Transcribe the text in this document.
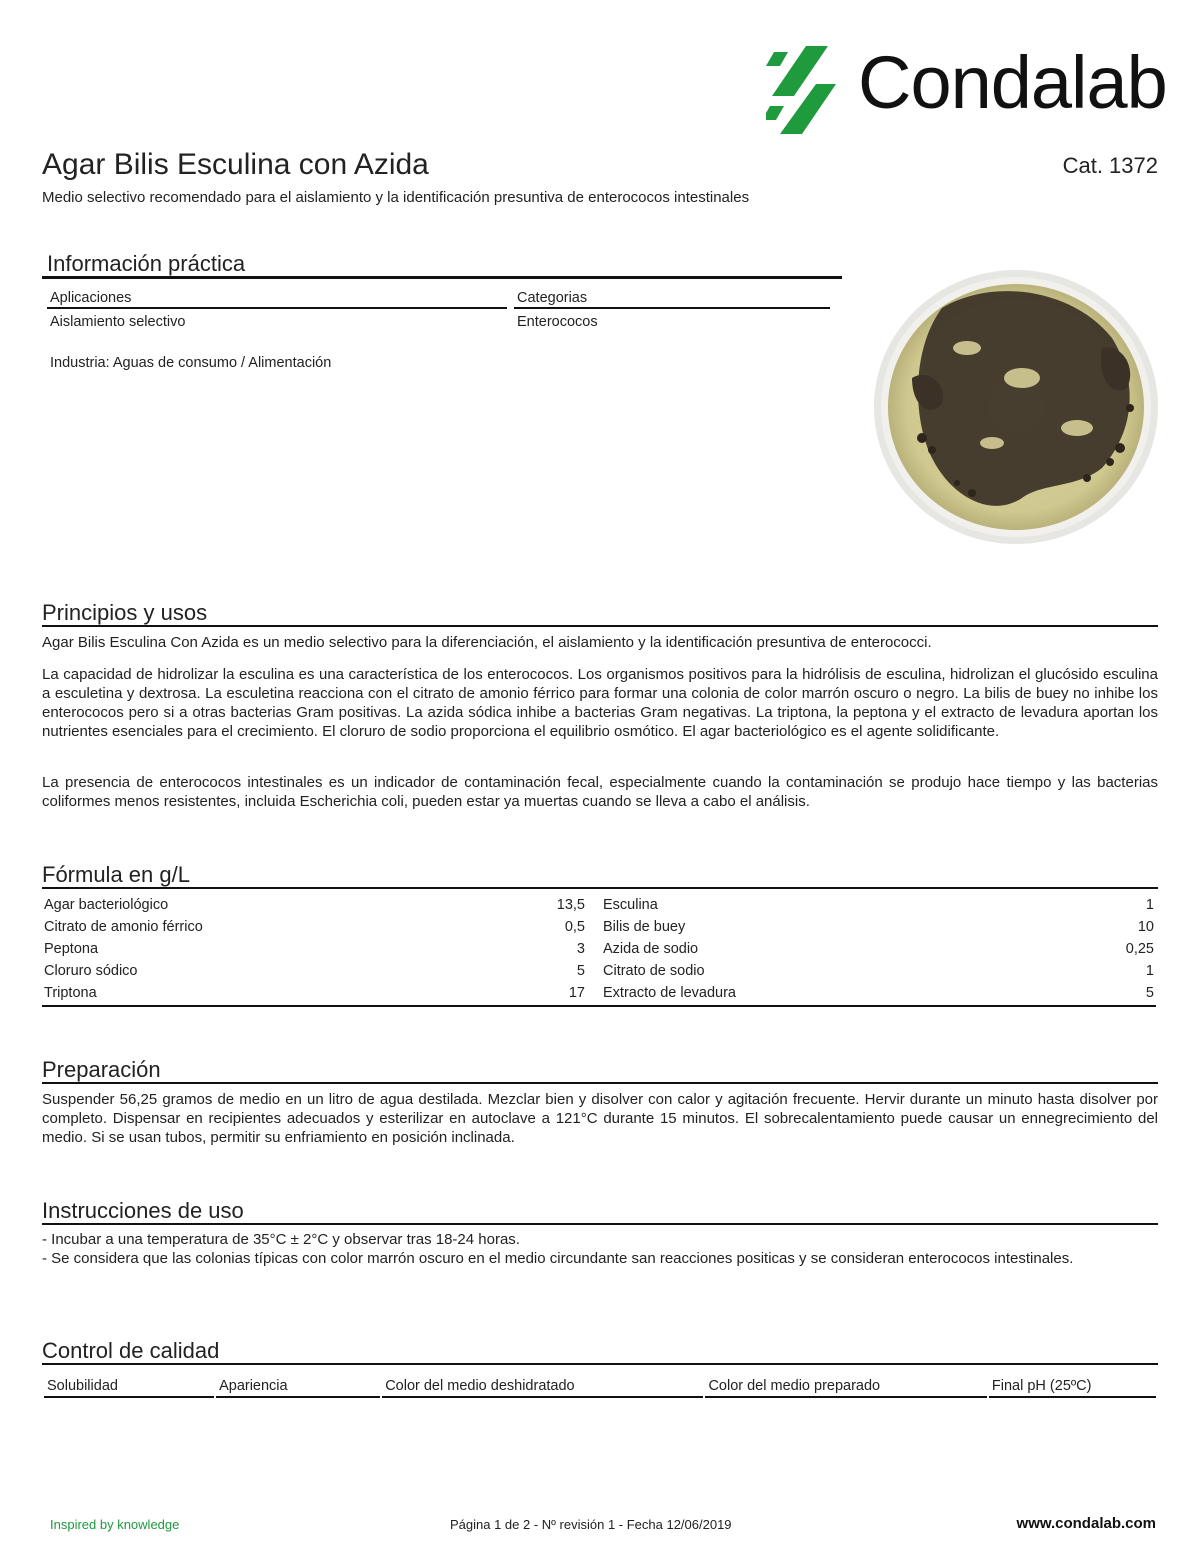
Condalab
Agar Bilis Esculina con Azida	Cat. 1372
Medio selectivo recomendado para el aislamiento y la identificación presuntiva de enterococos intestinales
Información práctica
Aplicaciones	Categorias
Aislamiento selectivo	Enterococos
Industria: Aguas de consumo / Alimentación
Principios y usos
Agar Bilis Esculina Con Azida es un medio selectivo para la diferenciación, el aislamiento y la identificación presuntiva de enterococci.
La capacidad de hidrolizar la esculina es una característica de los enterococos. Los organismos positivos para la hidrólisis de esculina, hidrolizan el glucósido esculina a esculetina y dextrosa. La esculetina reacciona con el citrato de amonio férrico para formar una colonia de color marrón oscuro o negro. La bilis de buey no inhibe los enterococos pero si a otras bacterias Gram positivas. La azida sódica inhibe a bacterias Gram negativas. La triptona, la peptona y el extracto de levadura aportan los nutrientes esenciales para el crecimiento. El cloruro de sodio proporciona el equilibrio osmótico. El agar bacteriológico es el agente solidificante.
La presencia de enterococos intestinales es un indicador de contaminación fecal, especialmente cuando la contaminación se produjo hace tiempo y las bacterias coliformes menos resistentes, incluida Escherichia coli, pueden estar ya muertas cuando se lleva a cabo el análisis.
Fórmula en g/L
Agar bacteriológico	13,5		Esculina	1
Citrato de amonio férrico	0,5		Bilis de buey	10
Peptona	3		Azida de sodio	0,25
Cloruro sódico	5		Citrato de sodio	1
Triptona	17		Extracto de levadura	5
Preparación
Suspender 56,25 gramos de medio en un litro de agua destilada. Mezclar bien y disolver con calor y agitación frecuente. Hervir durante un minuto hasta disolver por completo. Dispensar en recipientes adecuados y esterilizar en autoclave a 121°C durante 15 minutos. El sobrecalentamiento puede causar un ennegrecimiento del medio. Si se usan tubos, permitir su enfriamiento en posición inclinada.
Instrucciones de uso
- Incubar a una temperatura de 35°C ± 2°C y observar tras 18-24 horas.
- Se considera que las colonias típicas con color marrón oscuro en el medio circundante san reacciones positicas y se consideran enterococos intestinales.
Control de calidad
Solubilidad	Apariencia	Color del medio deshidratado	Color del medio preparado	Final pH (25ºC)
Inspired by knowledge	Página 1 de 2 - Nº revisión 1 - Fecha 12/06/2019	www.condalab.com
